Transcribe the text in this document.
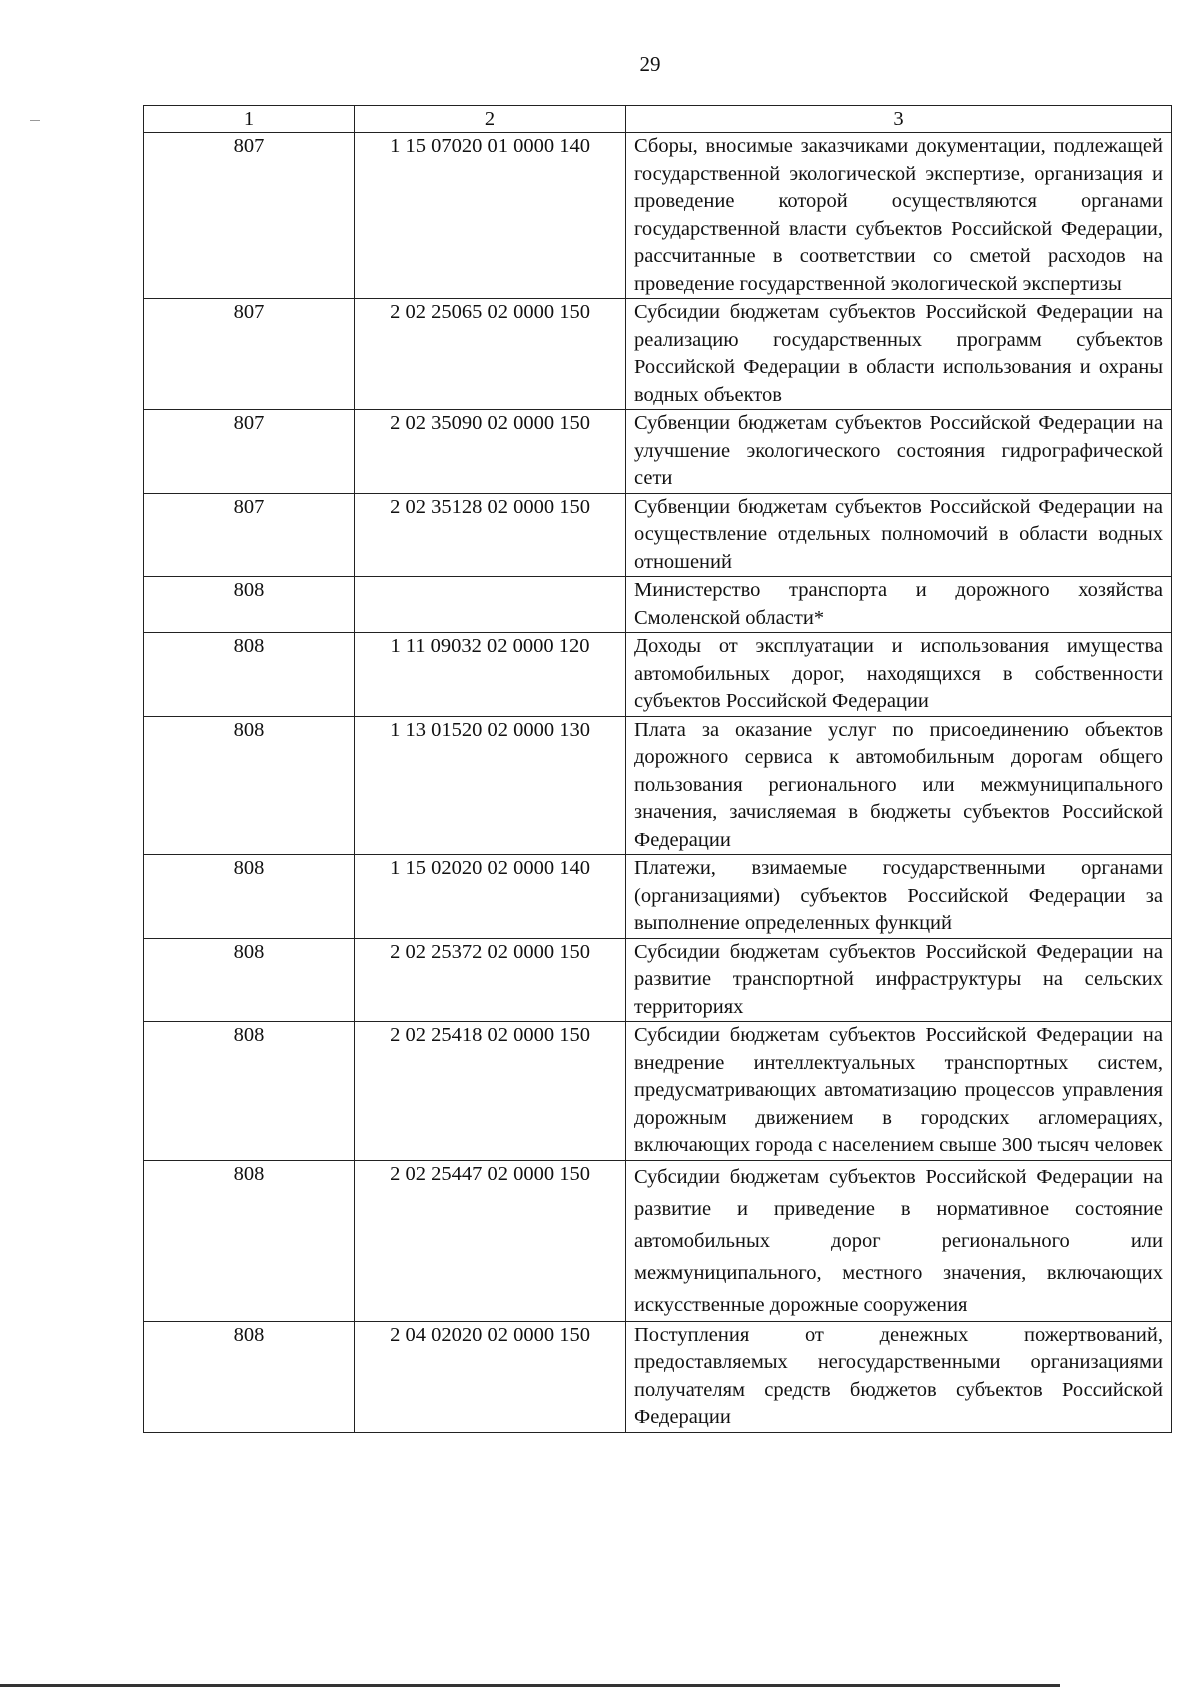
29
1	2	3
807	1 15 07020 01 0000 140	Сборы, вносимые заказчиками документации, подлежащей государственной экологической экспертизе, организация и проведение которой осуществляются органами государственной власти субъектов Российской Федерации, рассчитанные в соответствии со сметой расходов на проведение государственной экологической экспертизы
807	2 02 25065 02 0000 150	Субсидии бюджетам субъектов Российской Федерации на реализацию государственных программ субъектов Российской Федерации в области использования и охраны водных объектов
807	2 02 35090 02 0000 150	Субвенции бюджетам субъектов Российской Федерации на улучшение экологического состояния гидрографической сети
807	2 02 35128 02 0000 150	Субвенции бюджетам субъектов Российской Федерации на осуществление отдельных полномочий в области водных отношений
808		Министерство транспорта и дорожного хозяйства Смоленской области*
808	1 11 09032 02 0000 120	Доходы от эксплуатации и использования имущества автомобильных дорог, находящихся в собственности субъектов Российской Федерации
808	1 13 01520 02 0000 130	Плата за оказание услуг по присоединению объектов дорожного сервиса к автомобильным дорогам общего пользования регионального или межмуниципального значения, зачисляемая в бюджеты субъектов Российской Федерации
808	1 15 02020 02 0000 140	Платежи, взимаемые государственными органами (организациями) субъектов Российской Федерации за выполнение определенных функций
808	2 02 25372 02 0000 150	Субсидии бюджетам субъектов Российской Федерации на развитие транспортной инфраструктуры на сельских территориях
808	2 02 25418 02 0000 150	Субсидии бюджетам субъектов Российской Федерации на внедрение интеллектуальных транспортных систем, предусматривающих автоматизацию процессов управления дорожным движением в городских агломерациях, включающих города с населением свыше 300 тысяч человек
808	2 02 25447 02 0000 150	Субсидии бюджетам субъектов Российской Федерации на развитие и приведение в нормативное состояние автомобильных дорог регионального или межмуниципального, местного значения, включающих искусственные дорожные сооружения
808	2 04 02020 02 0000 150	Поступления от денежных пожертвований, предоставляемых негосударственными организациями получателям средств бюджетов субъектов Российской Федерации
